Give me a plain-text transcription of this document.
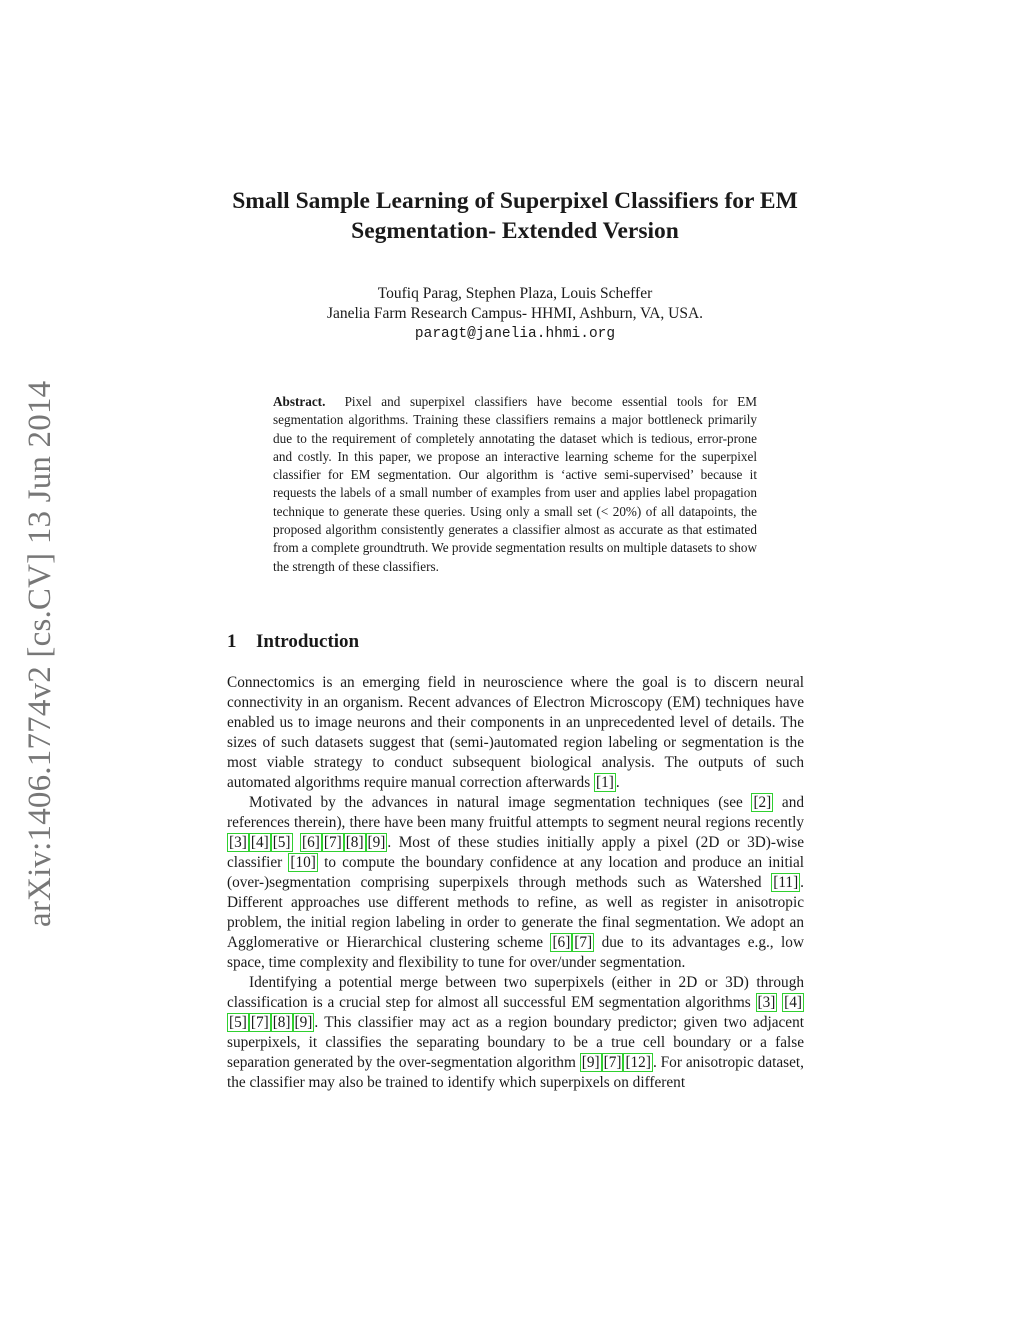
arXiv:1406.1774v2 [cs.CV] 13 Jun 2014
Small Sample Learning of Superpixel Classifiers for EM Segmentation- Extended Version
Toufiq Parag, Stephen Plaza, Louis Scheffer
Janelia Farm Research Campus- HHMI, Ashburn, VA, USA.
paragt@janelia.hhmi.org
Abstract. Pixel and superpixel classifiers have become essential tools for EM segmentation algorithms. Training these classifiers remains a major bottleneck primarily due to the requirement of completely annotating the dataset which is tedious, error-prone and costly. In this paper, we propose an interactive learning scheme for the superpixel classifier for EM segmentation. Our algorithm is ‘active semi-supervised’ because it requests the labels of a small number of examples from user and applies label propagation technique to generate these queries. Using only a small set (< 20%) of all datapoints, the proposed algorithm consistently generates a classifier almost as accurate as that estimated from a complete groundtruth. We provide segmentation results on multiple datasets to show the strength of these classifiers.
1 Introduction

Connectomics is an emerging field in neuroscience where the goal is to discern neural connectivity in an organism. Recent advances of Electron Microscopy (EM) techniques have enabled us to image neurons and their components in an unprecedented level of details. The sizes of such datasets suggest that (semi-)automated region labeling or segmentation is the most viable strategy to conduct subsequent biological analysis. The outputs of such automated algorithms require manual correction afterwards [1] .

Motivated by the advances in natural image segmentation techniques (see [2] and references therein), there have been many fruitful attempts to segment neural regions recently [3] [4] [5] [6] [7] [8] [9] . Most of these studies initially apply a pixel (2D or 3D)-wise classifier [10] to compute the boundary confidence at any location and produce an initial (over-)segmentation comprising superpixels through methods such as Watershed [11] . Different approaches use different methods to refine, as well as register in anisotropic problem, the initial region labeling in order to generate the final segmentation. We adopt an Agglomerative or Hierarchical clustering scheme [6] [7] due to its advantages e.g., low space, time complexity and flexibility to tune for over/under segmentation.

Identifying a potential merge between two superpixels (either in 2D or 3D) through classification is a crucial step for almost all successful EM segmentation algorithms [3] [4][5] [7] [8] [9] . This classifier may act as a region boundary predictor; given two adjacent superpixels, it classifies the separating boundary to be a true cell boundary or a false separation generated by the over-segmentation algorithm [9] [7] [12] . For anisotropic dataset, the classifier may also be trained to identify which superpixels on different
